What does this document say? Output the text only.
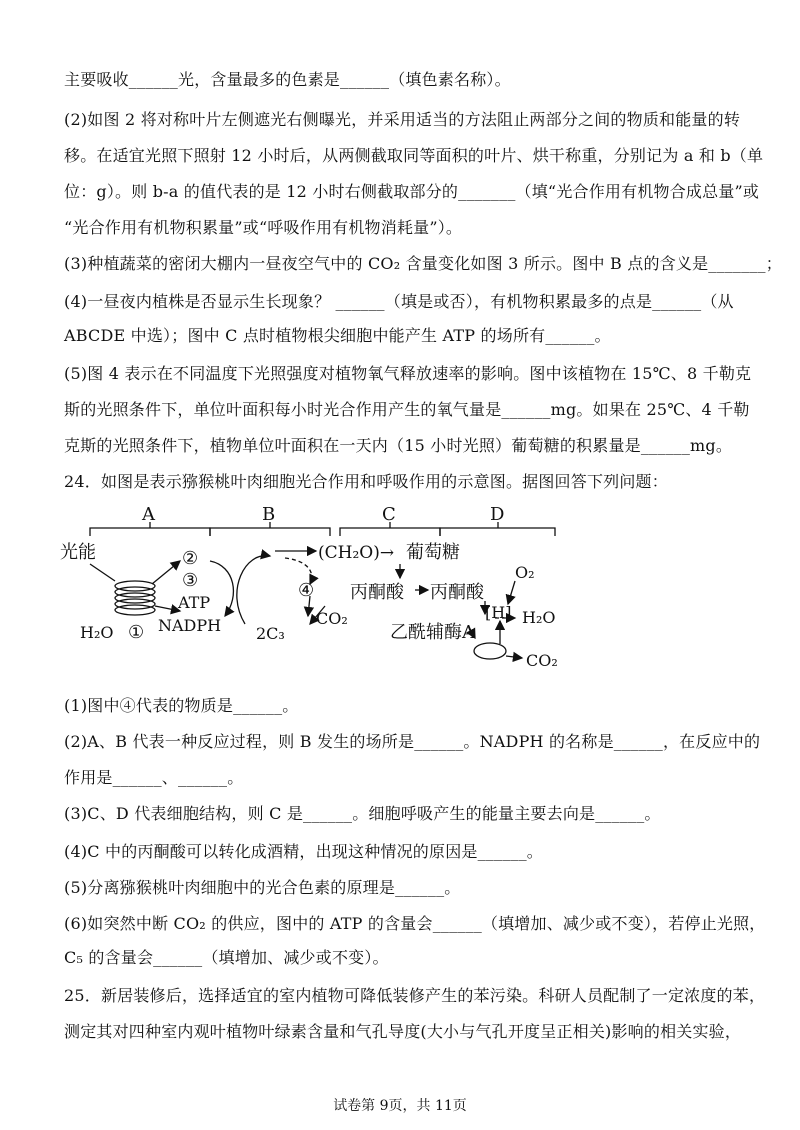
主要吸收______光，含量最多的色素是______（填色素名称）。
(2)如图 2 将对称叶片左侧遮光右侧曝光，并采用适当的方法阻止两部分之间的物质和能量的转
移。在适宜光照下照射 12 小时后，从两侧截取同等面积的叶片、烘干称重，分别记为 a 和 b（单
位：g）。则 b-a 的值代表的是 12 小时右侧截取部分的_______（填“光合作用有机物合成总量”或
“光合作用有机物积累量”或“呼吸作用有机物消耗量”）。
(3)种植蔬菜的密闭大棚内一昼夜空气中的 CO₂ 含量变化如图 3 所示。图中 B 点的含义是_______；
(4)一昼夜内植株是否显示生长现象？ ______（填是或否），有机物积累最多的点是______（从
ABCDE 中选）；图中 C 点时植物根尖细胞中能产生 ATP 的场所有______。
(5)图 4 表示在不同温度下光照强度对植物氧气释放速率的影响。图中该植物在 15℃、8 千勒克
斯的光照条件下，单位叶面积每小时光合作用产生的氧气量是______mg。如果在 25℃、4 千勒
克斯的光照条件下，植物单位叶面积在一天内（15 小时光照）葡萄糖的积累量是______mg。
24．如图是表示猕猴桃叶肉细胞光合作用和呼吸作用的示意图。据图回答下列问题：
A	B	C	D
光能	②
③
ATP
H₂O ① NADPH
④
CO₂
2C₃
(CH₂O)→ 葡萄糖
丙酮酸 丙酮酸
[H]
O₂
H₂O
乙酰辅酶A
CO₂
(1)图中④代表的物质是______。
(2)A、B 代表一种反应过程，则 B 发生的场所是______。NADPH 的名称是______，在反应中的
作用是______、______。
(3)C、D 代表细胞结构，则 C 是______。细胞呼吸产生的能量主要去向是______。
(4)C 中的丙酮酸可以转化成酒精，出现这种情况的原因是______。
(5)分离猕猴桃叶肉细胞中的光合色素的原理是______。
(6)如突然中断 CO₂ 的供应，图中的 ATP 的含量会______（填增加、减少或不变），若停止光照，
C₅ 的含量会______（填增加、减少或不变）。
25．新居装修后，选择适宜的室内植物可降低装修产生的苯污染。科研人员配制了一定浓度的苯，
测定其对四种室内观叶植物叶绿素含量和气孔导度(大小与气孔开度呈正相关)影响的相关实验，
试卷第 9页，共 11页
